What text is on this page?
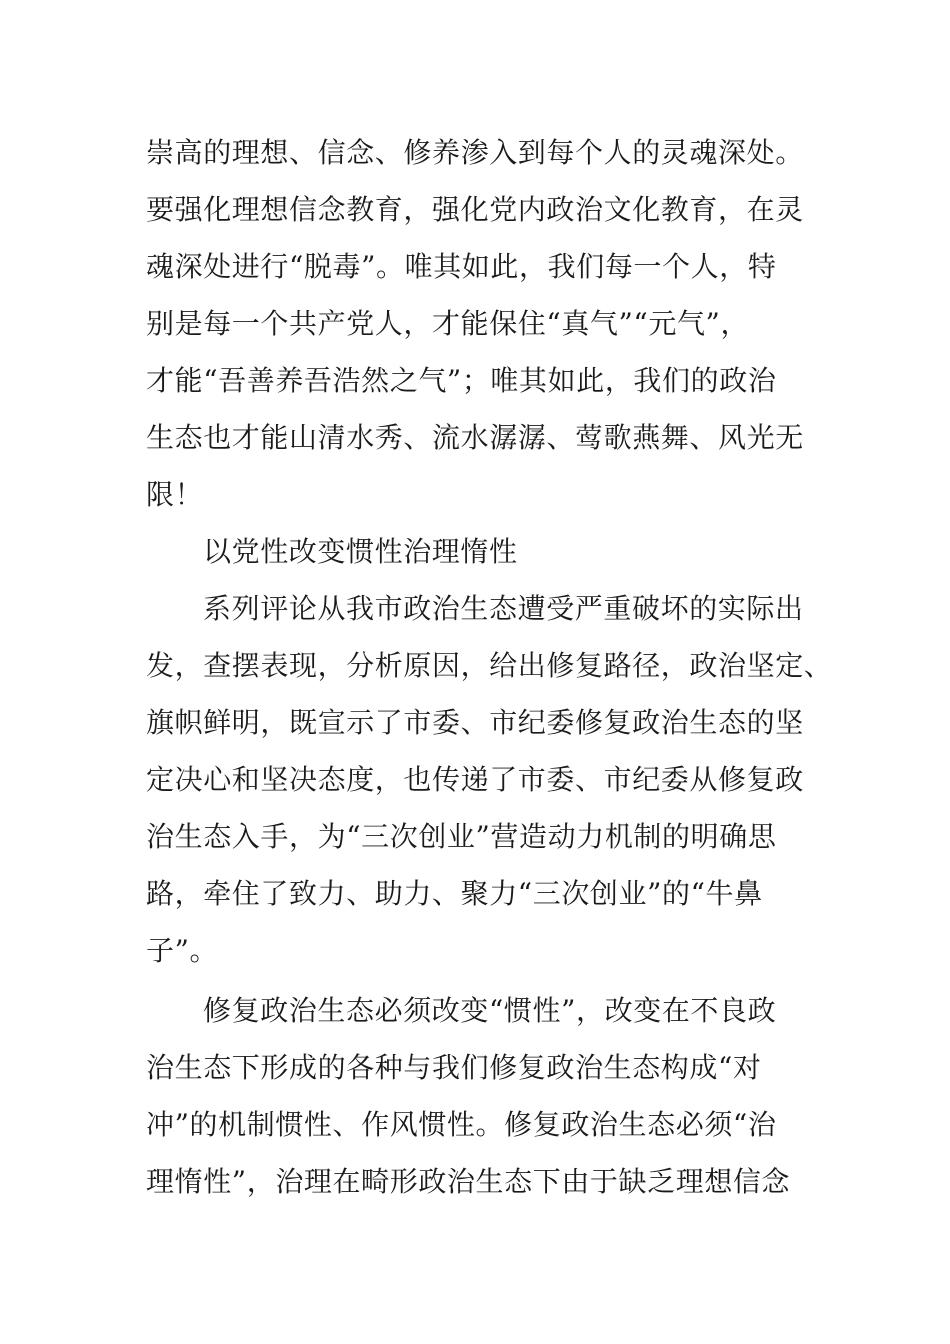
崇高的理想、信念、修养渗入到每个人的灵魂深处。
要强化理想信念教育，强化党内政治文化教育，在灵
魂深处进行“脱毒”。唯其如此，我们每一个人，特
别是每一个共产党人，才能保住“真气”“元气”，
才能“吾善养吾浩然之气”；唯其如此，我们的政治
生态也才能山清水秀、流水潺潺、莺歌燕舞、风光无
限！
以党性改变惯性治理惰性
系列评论从我市政治生态遭受严重破坏的实际出
发，查摆表现，分析原因，给出修复路径，政治坚定、
旗帜鲜明，既宣示了市委、市纪委修复政治生态的坚
定决心和坚决态度，也传递了市委、市纪委从修复政
治生态入手，为“三次创业”营造动力机制的明确思
路，牵住了致力、助力、聚力“三次创业”的“牛鼻
子”。
修复政治生态必须改变“惯性”，改变在不良政
治生态下形成的各种与我们修复政治生态构成“对
冲”的机制惯性、作风惯性。修复政治生态必须“治
理惰性”，治理在畸形政治生态下由于缺乏理想信念
